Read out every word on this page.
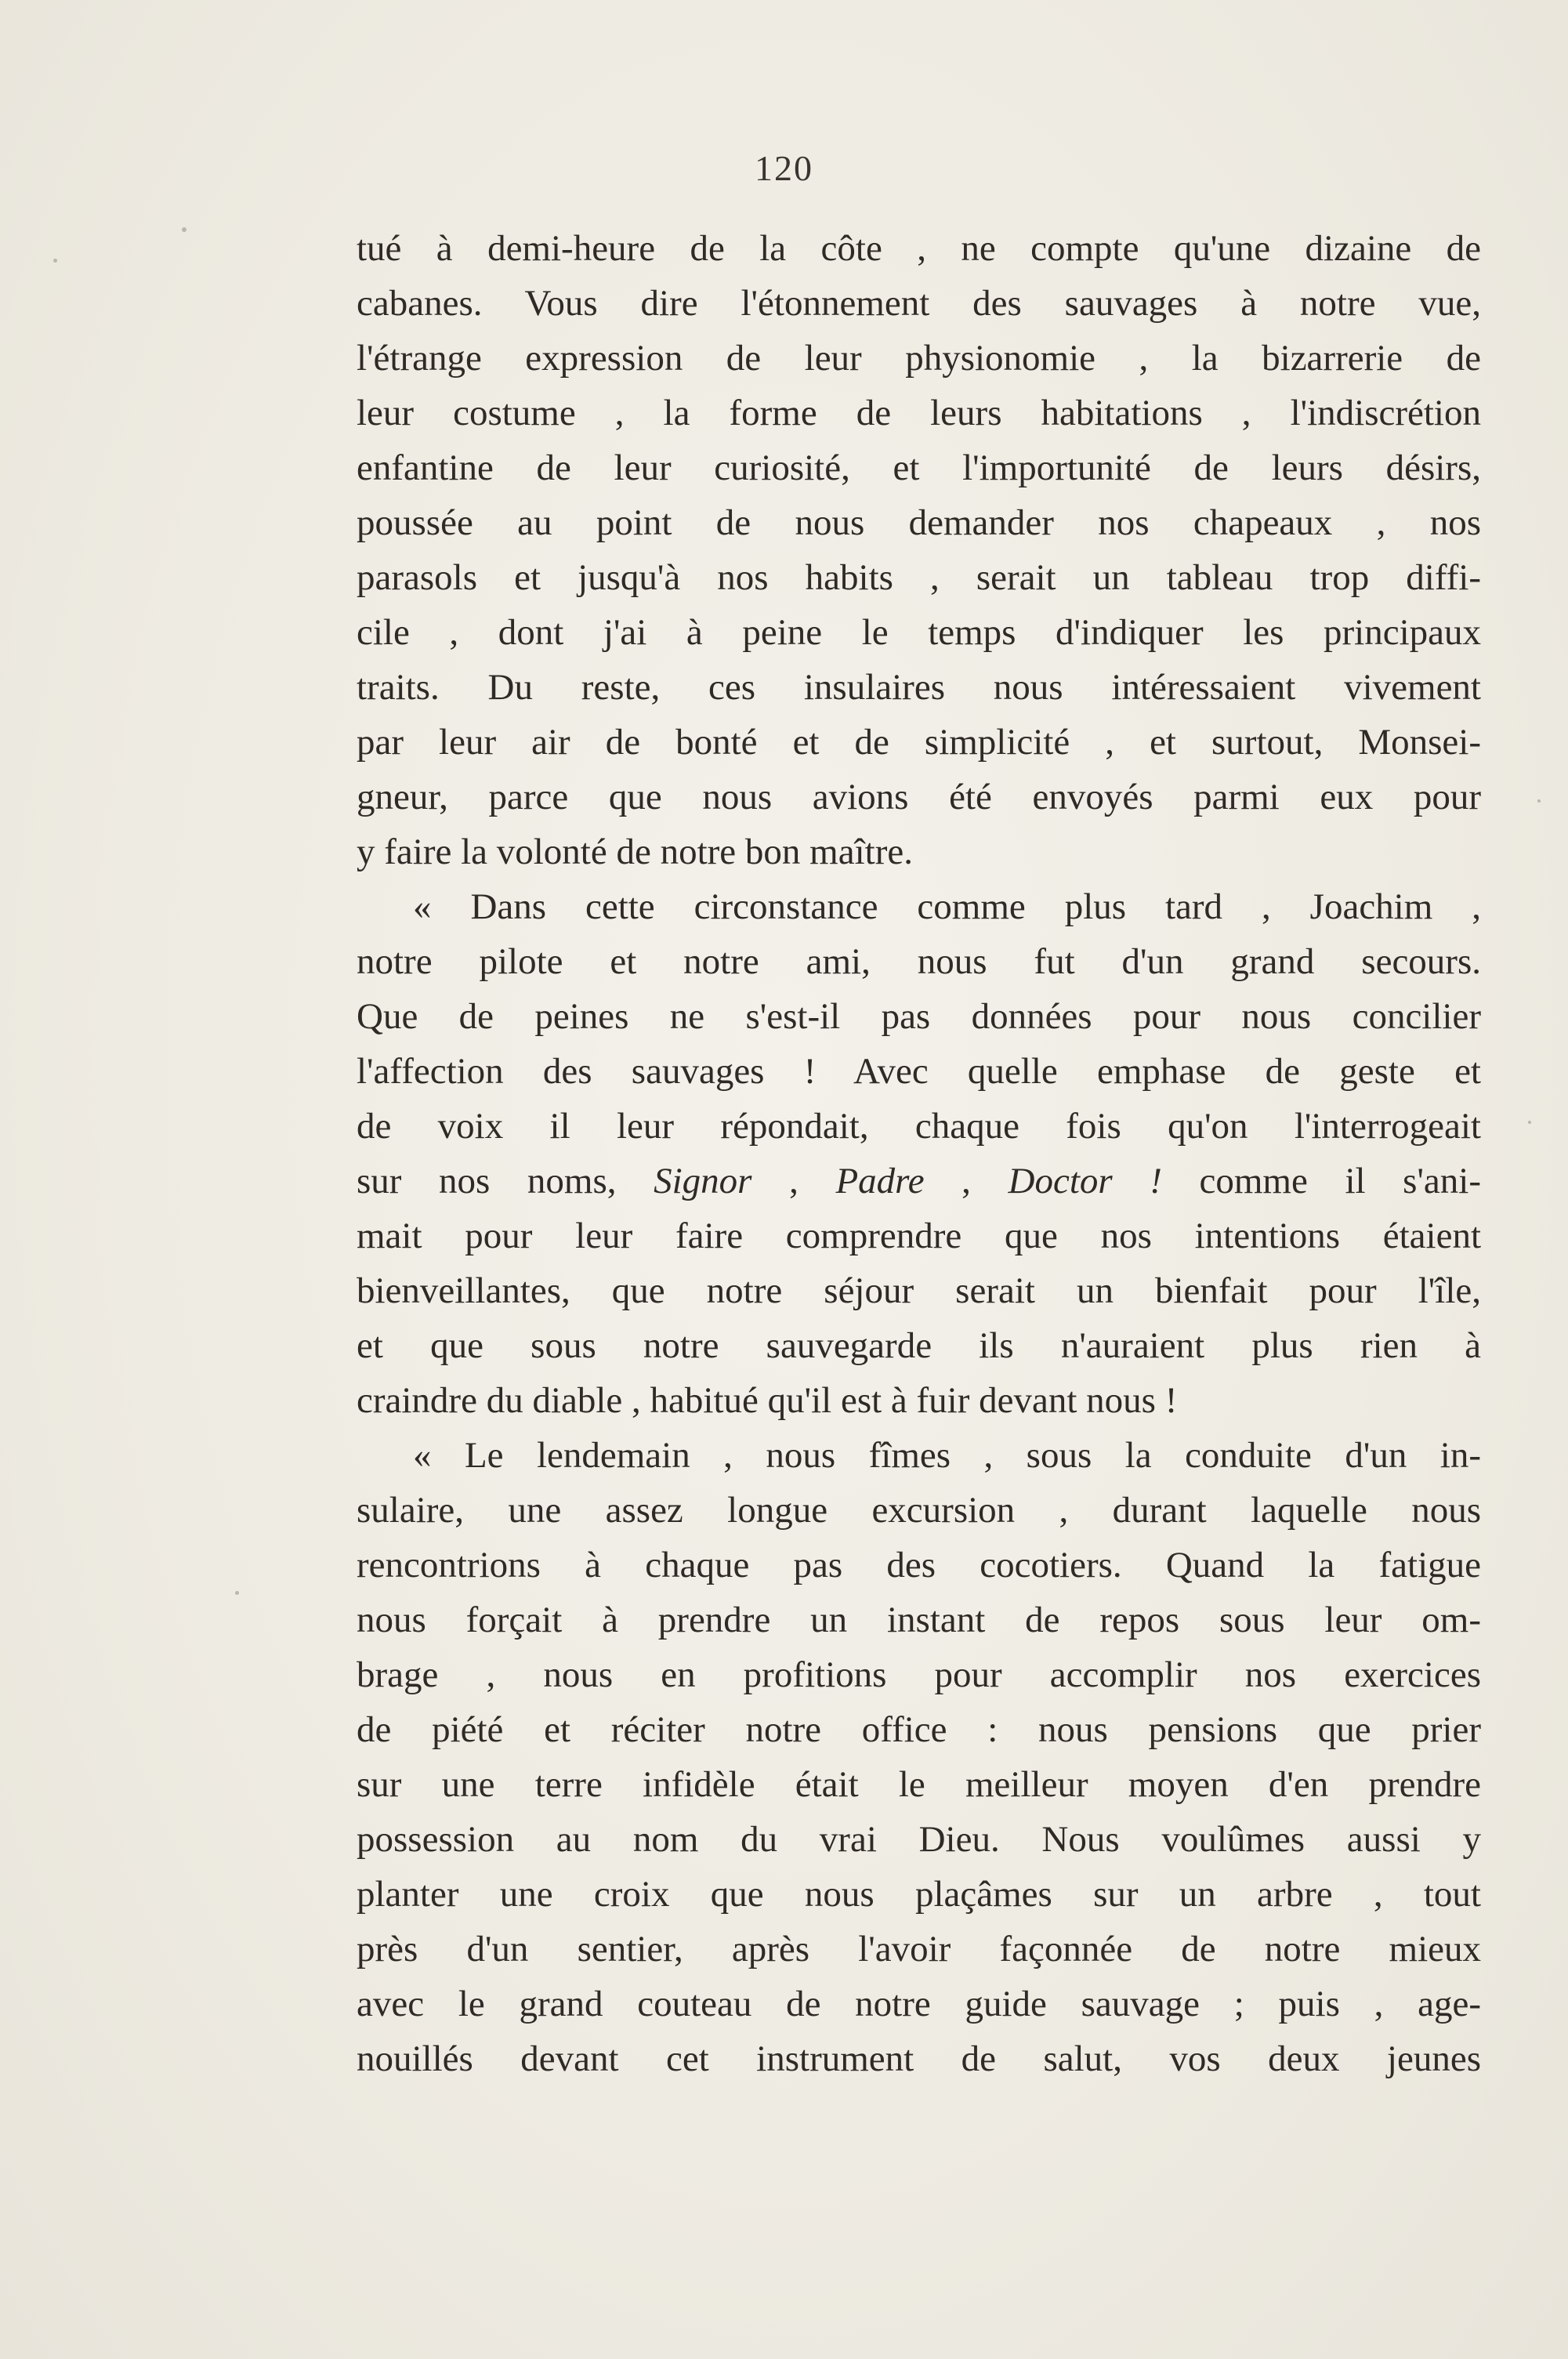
120
tué à demi-heure de la côte , ne compte qu'une dizaine de
cabanes. Vous dire l'étonnement des sauvages à notre vue,
l'étrange expression de leur physionomie , la bizarrerie de
leur costume , la forme de leurs habitations , l'indiscrétion
enfantine de leur curiosité, et l'importunité de leurs désirs,
poussée au point de nous demander nos chapeaux , nos
parasols et jusqu'à nos habits , serait un tableau trop diffi-
cile , dont j'ai à peine le temps d'indiquer les principaux
traits. Du reste, ces insulaires nous intéressaient vivement
par leur air de bonté et de simplicité , et surtout, Monsei-
gneur, parce que nous avions été envoyés parmi eux pour
y faire la volonté de notre bon maître.
« Dans cette circonstance comme plus tard , Joachim ,
notre pilote et notre ami, nous fut d'un grand secours.
Que de peines ne s'est-il pas données pour nous concilier
l'affection des sauvages ! Avec quelle emphase de geste et
de voix il leur répondait, chaque fois qu'on l'interrogeait
sur nos noms, Signor , Padre , Doctor ! comme il s'ani-
mait pour leur faire comprendre que nos intentions étaient
bienveillantes, que notre séjour serait un bienfait pour l'île,
et que sous notre sauvegarde ils n'auraient plus rien à
craindre du diable , habitué qu'il est à fuir devant nous !
« Le lendemain , nous fîmes , sous la conduite d'un in-
sulaire, une assez longue excursion , durant laquelle nous
rencontrions à chaque pas des cocotiers. Quand la fatigue
nous forçait à prendre un instant de repos sous leur om-
brage , nous en profitions pour accomplir nos exercices
de piété et réciter notre office : nous pensions que prier
sur une terre infidèle était le meilleur moyen d'en prendre
possession au nom du vrai Dieu. Nous voulûmes aussi y
planter une croix que nous plaçâmes sur un arbre , tout
près d'un sentier, après l'avoir façonnée de notre mieux
avec le grand couteau de notre guide sauvage ; puis , age-
nouillés devant cet instrument de salut, vos deux jeunes
